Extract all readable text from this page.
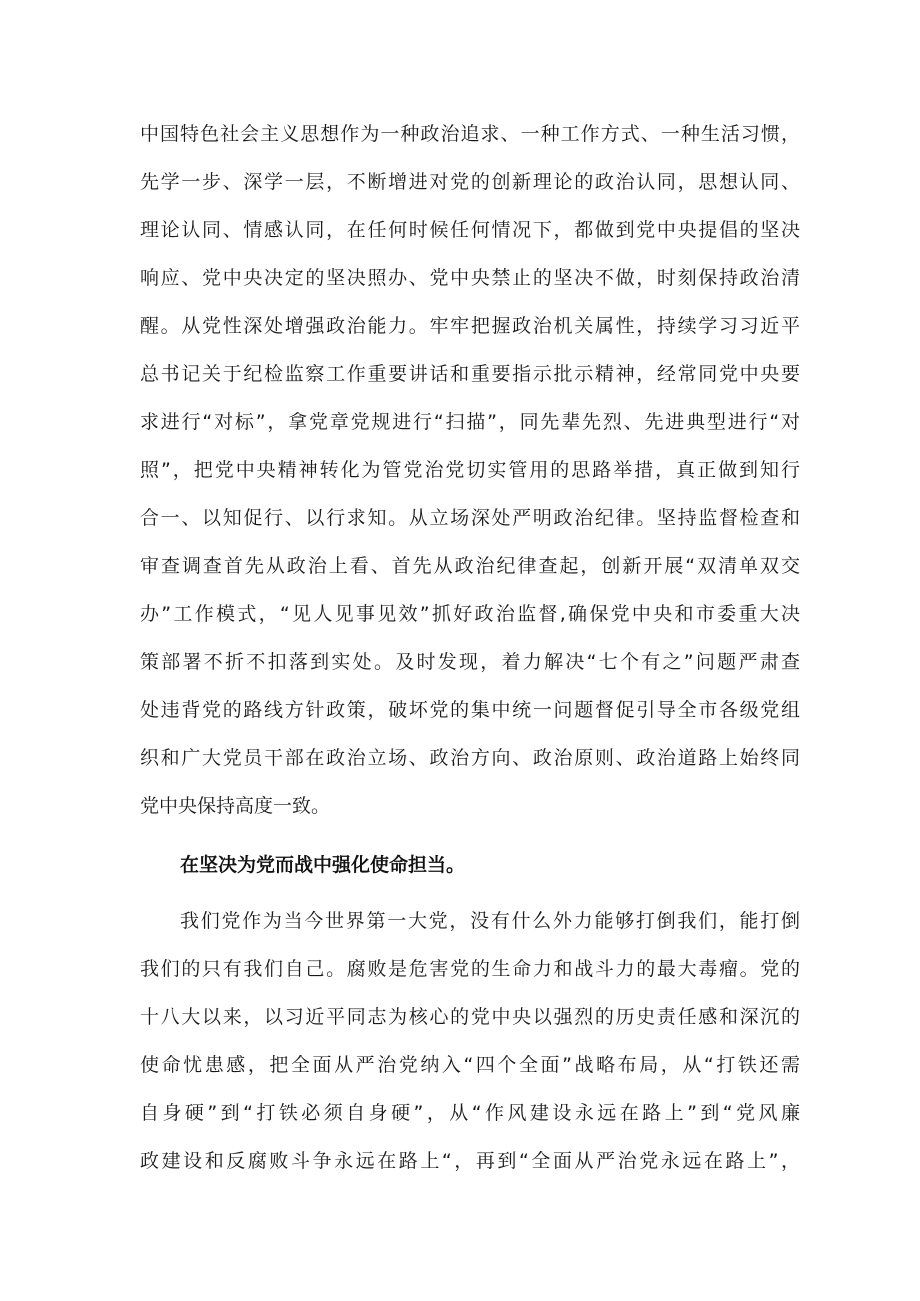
中国特色社会主义思想作为一种政治追求、一种工作方式、一种生活习惯，
先学一步、深学一层，不断增进对党的创新理论的政治认同，思想认同、
理论认同、情感认同，在任何时候任何情况下，都做到党中央提倡的坚决
响应、党中央决定的坚决照办、党中央禁止的坚决不做，时刻保持政治清
醒。从党性深处增强政治能力。牢牢把握政治机关属性，持续学习习近平
总书记关于纪检监察工作重要讲话和重要指示批示精神，经常同党中央要
求进行“对标”，拿党章党规进行“扫描”，同先辈先烈、先进典型进行“对
照”，把党中央精神转化为管党治党切实管用的思路举措，真正做到知行
合一、以知促行、以行求知。从立场深处严明政治纪律。坚持监督检查和
审查调查首先从政治上看、首先从政治纪律查起，创新开展“双清单双交
办”工作模式，“见人见事见效”抓好政治监督,确保党中央和市委重大决
策部署不折不扣落到实处。及时发现，着力解决“七个有之”问题严肃查
处违背党的路线方针政策，破坏党的集中统一问题督促引导全市各级党组
织和广大党员干部在政治立场、政治方向、政治原则、政治道路上始终同
党中央保持高度一致。
在坚决为党而战中强化使命担当。
我们党作为当今世界第一大党，没有什么外力能够打倒我们，能打倒
我们的只有我们自己。腐败是危害党的生命力和战斗力的最大毒瘤。党的
十八大以来，以习近平同志为核心的党中央以强烈的历史责任感和深沉的
使命忧患感，把全面从严治党纳入“四个全面”战略布局，从“打铁还需
自身硬”到“打铁必须自身硬”，从“作风建设永远在路上”到“党风廉
政建设和反腐败斗争永远在路上“，再到“全面从严治党永远在路上”，
